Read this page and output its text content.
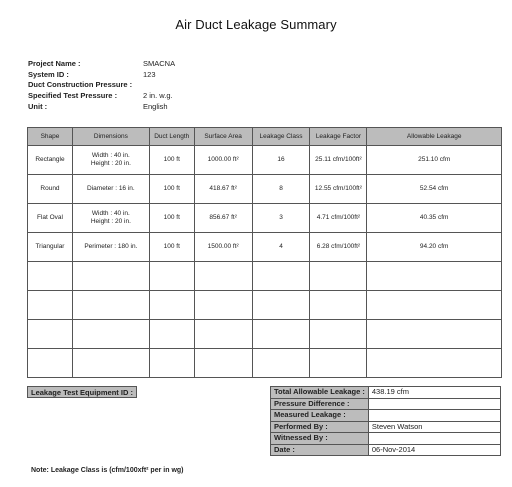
Air Duct Leakage Summary
Project Name :	SMACNA
System ID :	123
Duct Construction Pressure :
Specified Test Pressure :	2 in. w.g.
Unit :	English
Shape	Dimensions	Duct Length	Surface Area	Leakage Class	Leakage Factor	Allowable Leakage
Rectangle	Width : 40 in.
Height : 20 in.	100 ft	1000.00 ft²	16	25.11 cfm/100ft²	251.10 cfm
Round	Diameter : 16 in.	100 ft	418.67 ft²	8	12.55 cfm/100ft²	52.54 cfm
Flat Oval	Width : 40 in.
Height : 20 in.	100 ft	856.67 ft²	3	4.71 cfm/100ft²	40.35 cfm
Triangular	Perimeter : 180 in.	100 ft	1500.00 ft²	4	6.28 cfm/100ft²	94.20 cfm

Leakage Test Equipment ID :	Total Allowable Leakage :	438.19 cfm
Pressure Difference :	
Measured Leakage :	
Performed By :	Steven Watson
Witnessed By :	
Date :	06-Nov-2014
Note: Leakage Class is (cfm/100xft² per in wg)
